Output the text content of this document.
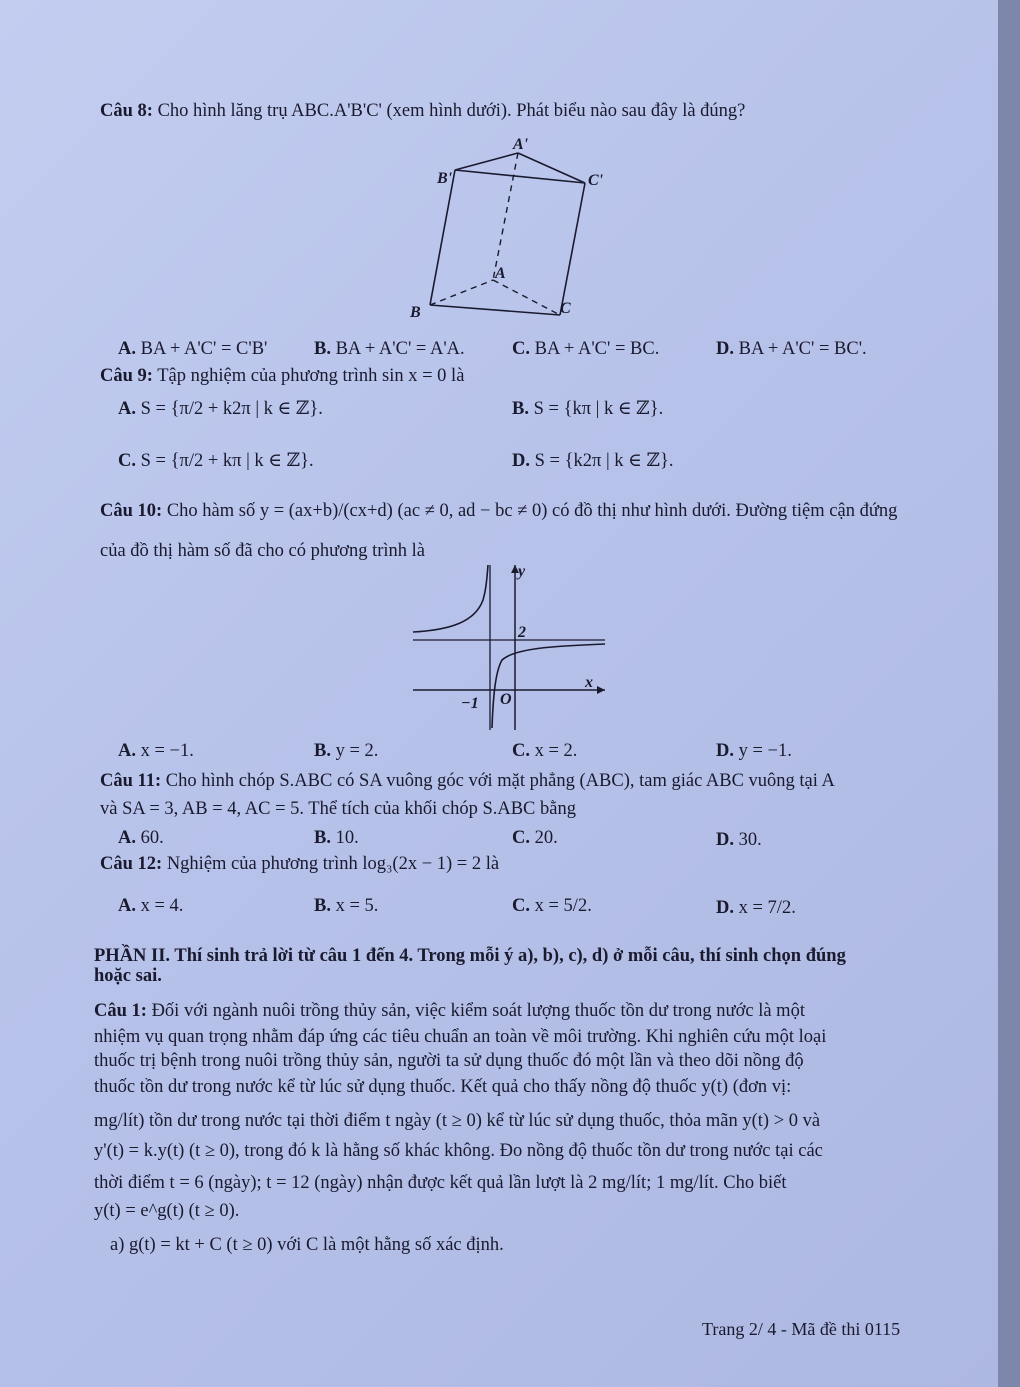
Câu 8: Cho hình lăng trụ ABC.A'B'C' (xem hình dưới). Phát biểu nào sau đây là đúng?
A'
B'	C'
A
B	C
A. BA + A'C' = C'B'	B. BA + A'C' = A'A.	C. BA + A'C' = BC.	D. BA + A'C' = BC'.
Câu 9: Tập nghiệm của phương trình sin x = 0 là
A. S = {π/2 + k2π | k ∈ ℤ}.	B. S = {kπ | k ∈ ℤ}.
C. S = {π/2 + kπ | k ∈ ℤ}.	D. S = {k2π | k ∈ ℤ}.
Câu 10: Cho hàm số y = (ax+b)/(cx+d) (ac ≠ 0, ad − bc ≠ 0) có đồ thị như hình dưới. Đường tiệm cận đứng
của đồ thị hàm số đã cho có phương trình là
y
x
2
−1 O
A. x = −1.	B. y = 2.	C. x = 2.	D. y = −1.
Câu 11: Cho hình chóp S.ABC có SA vuông góc với mặt phẳng (ABC), tam giác ABC vuông tại A
và SA = 3, AB = 4, AC = 5. Thể tích của khối chóp S.ABC bằng
A. 60.	B. 10.	C. 20.	D. 30.
Câu 12: Nghiệm của phương trình log₃(2x − 1) = 2 là
A. x = 4.	B. x = 5.	C. x = 5/2.	D. x = 7/2.
PHẦN II. Thí sinh trả lời từ câu 1 đến 4. Trong mỗi ý a), b), c), d) ở mỗi câu, thí sinh chọn đúng
hoặc sai.
Câu 1: Đối với ngành nuôi trồng thủy sản, việc kiểm soát lượng thuốc tồn dư trong nước là một
nhiệm vụ quan trọng nhằm đáp ứng các tiêu chuẩn an toàn về môi trường. Khi nghiên cứu một loại
thuốc trị bệnh trong nuôi trồng thủy sản, người ta sử dụng thuốc đó một lần và theo dõi nồng độ
thuốc tồn dư trong nước kể từ lúc sử dụng thuốc. Kết quả cho thấy nồng độ thuốc y(t) (đơn vị:
mg/lít) tồn dư trong nước tại thời điểm t ngày (t ≥ 0) kể từ lúc sử dụng thuốc, thỏa mãn y(t) > 0 và
y'(t) = k.y(t) (t ≥ 0), trong đó k là hằng số khác không. Đo nồng độ thuốc tồn dư trong nước tại các
thời điểm t = 6 (ngày); t = 12 (ngày) nhận được kết quả lần lượt là 2 mg/lít; 1 mg/lít. Cho biết
y(t) = e^g(t) (t ≥ 0).
a) g(t) = kt + C (t ≥ 0) với C là một hằng số xác định.
Trang 2/ 4 - Mã đề thi 0115
